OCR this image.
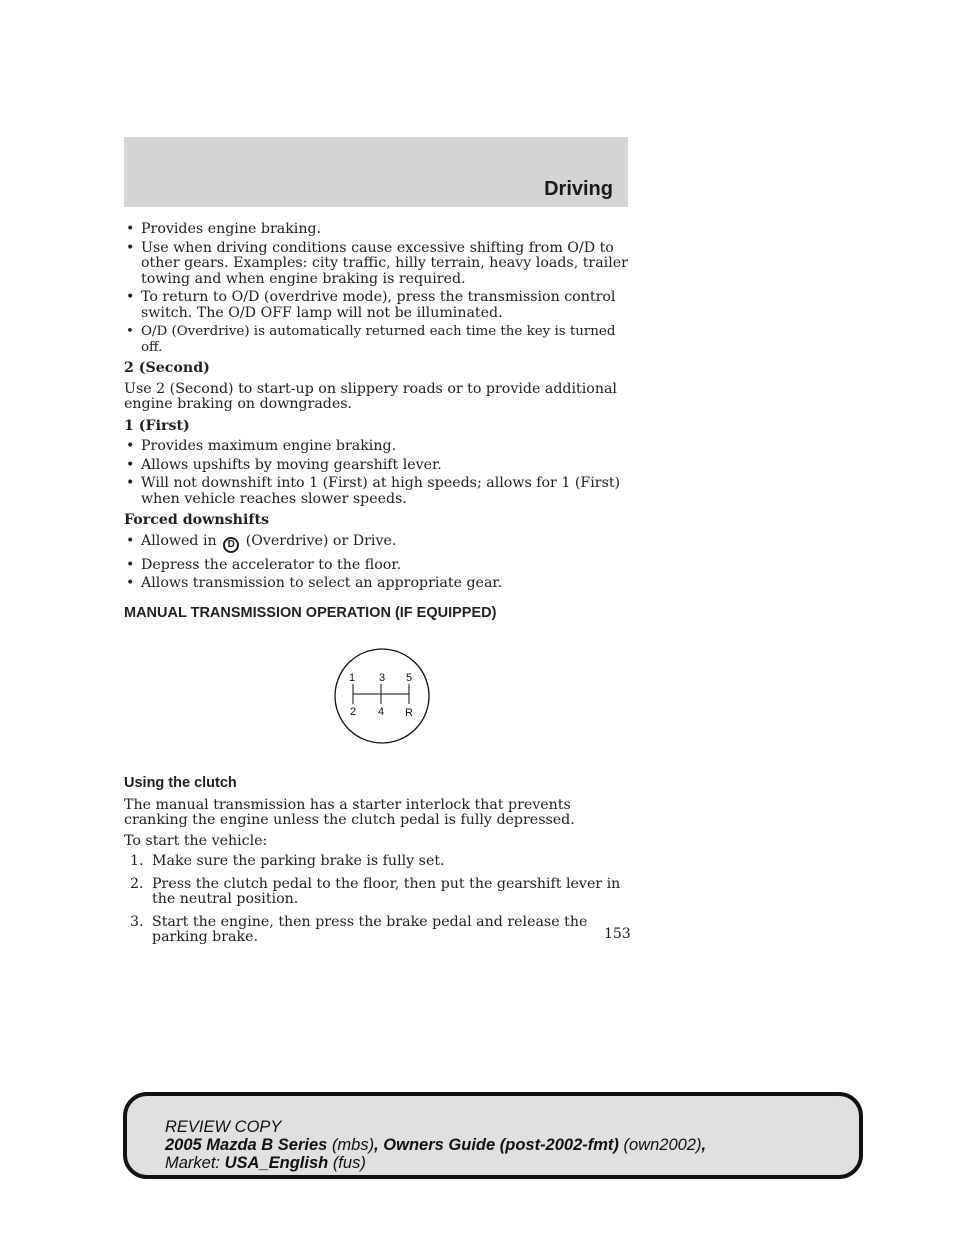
Driving
• Provides engine braking.
• Use when driving conditions cause excessive shifting from O/D to other gears. Examples: city traffic, hilly terrain, heavy loads, trailer towing and when engine braking is required.
• To return to O/D (overdrive mode), press the transmission control switch. The O/D OFF lamp will not be illuminated.
• O/D (Overdrive) is automatically returned each time the key is turned off.
2 (Second)

Use 2 (Second) to start-up on slippery roads or to provide additional engine braking on downgrades.

1 (First)
• Provides maximum engine braking.
• Allows upshifts by moving gearshift lever.
• Will not downshift into 1 (First) at high speeds; allows for 1 (First) when vehicle reaches slower speeds.
Forced downshifts
• Allowed in D (Overdrive) or Drive.
• Depress the accelerator to the floor.
• Allows transmission to select an appropriate gear.
MANUAL TRANSMISSION OPERATION (IF EQUIPPED)
1 3 5
2 4 R
Using the clutch

The manual transmission has a starter interlock that prevents cranking the engine unless the clutch pedal is fully depressed.

To start the vehicle:

1. Make sure the parking brake is fully set.
2. Press the clutch pedal to the floor, then put the gearshift lever in the neutral position.
3. Start the engine, then press the brake pedal and release the parking brake.	153
REVIEW COPY
2005 Mazda B Series (mbs), Owners Guide (post-2002-fmt) (own2002),
Market: USA_English (fus)
